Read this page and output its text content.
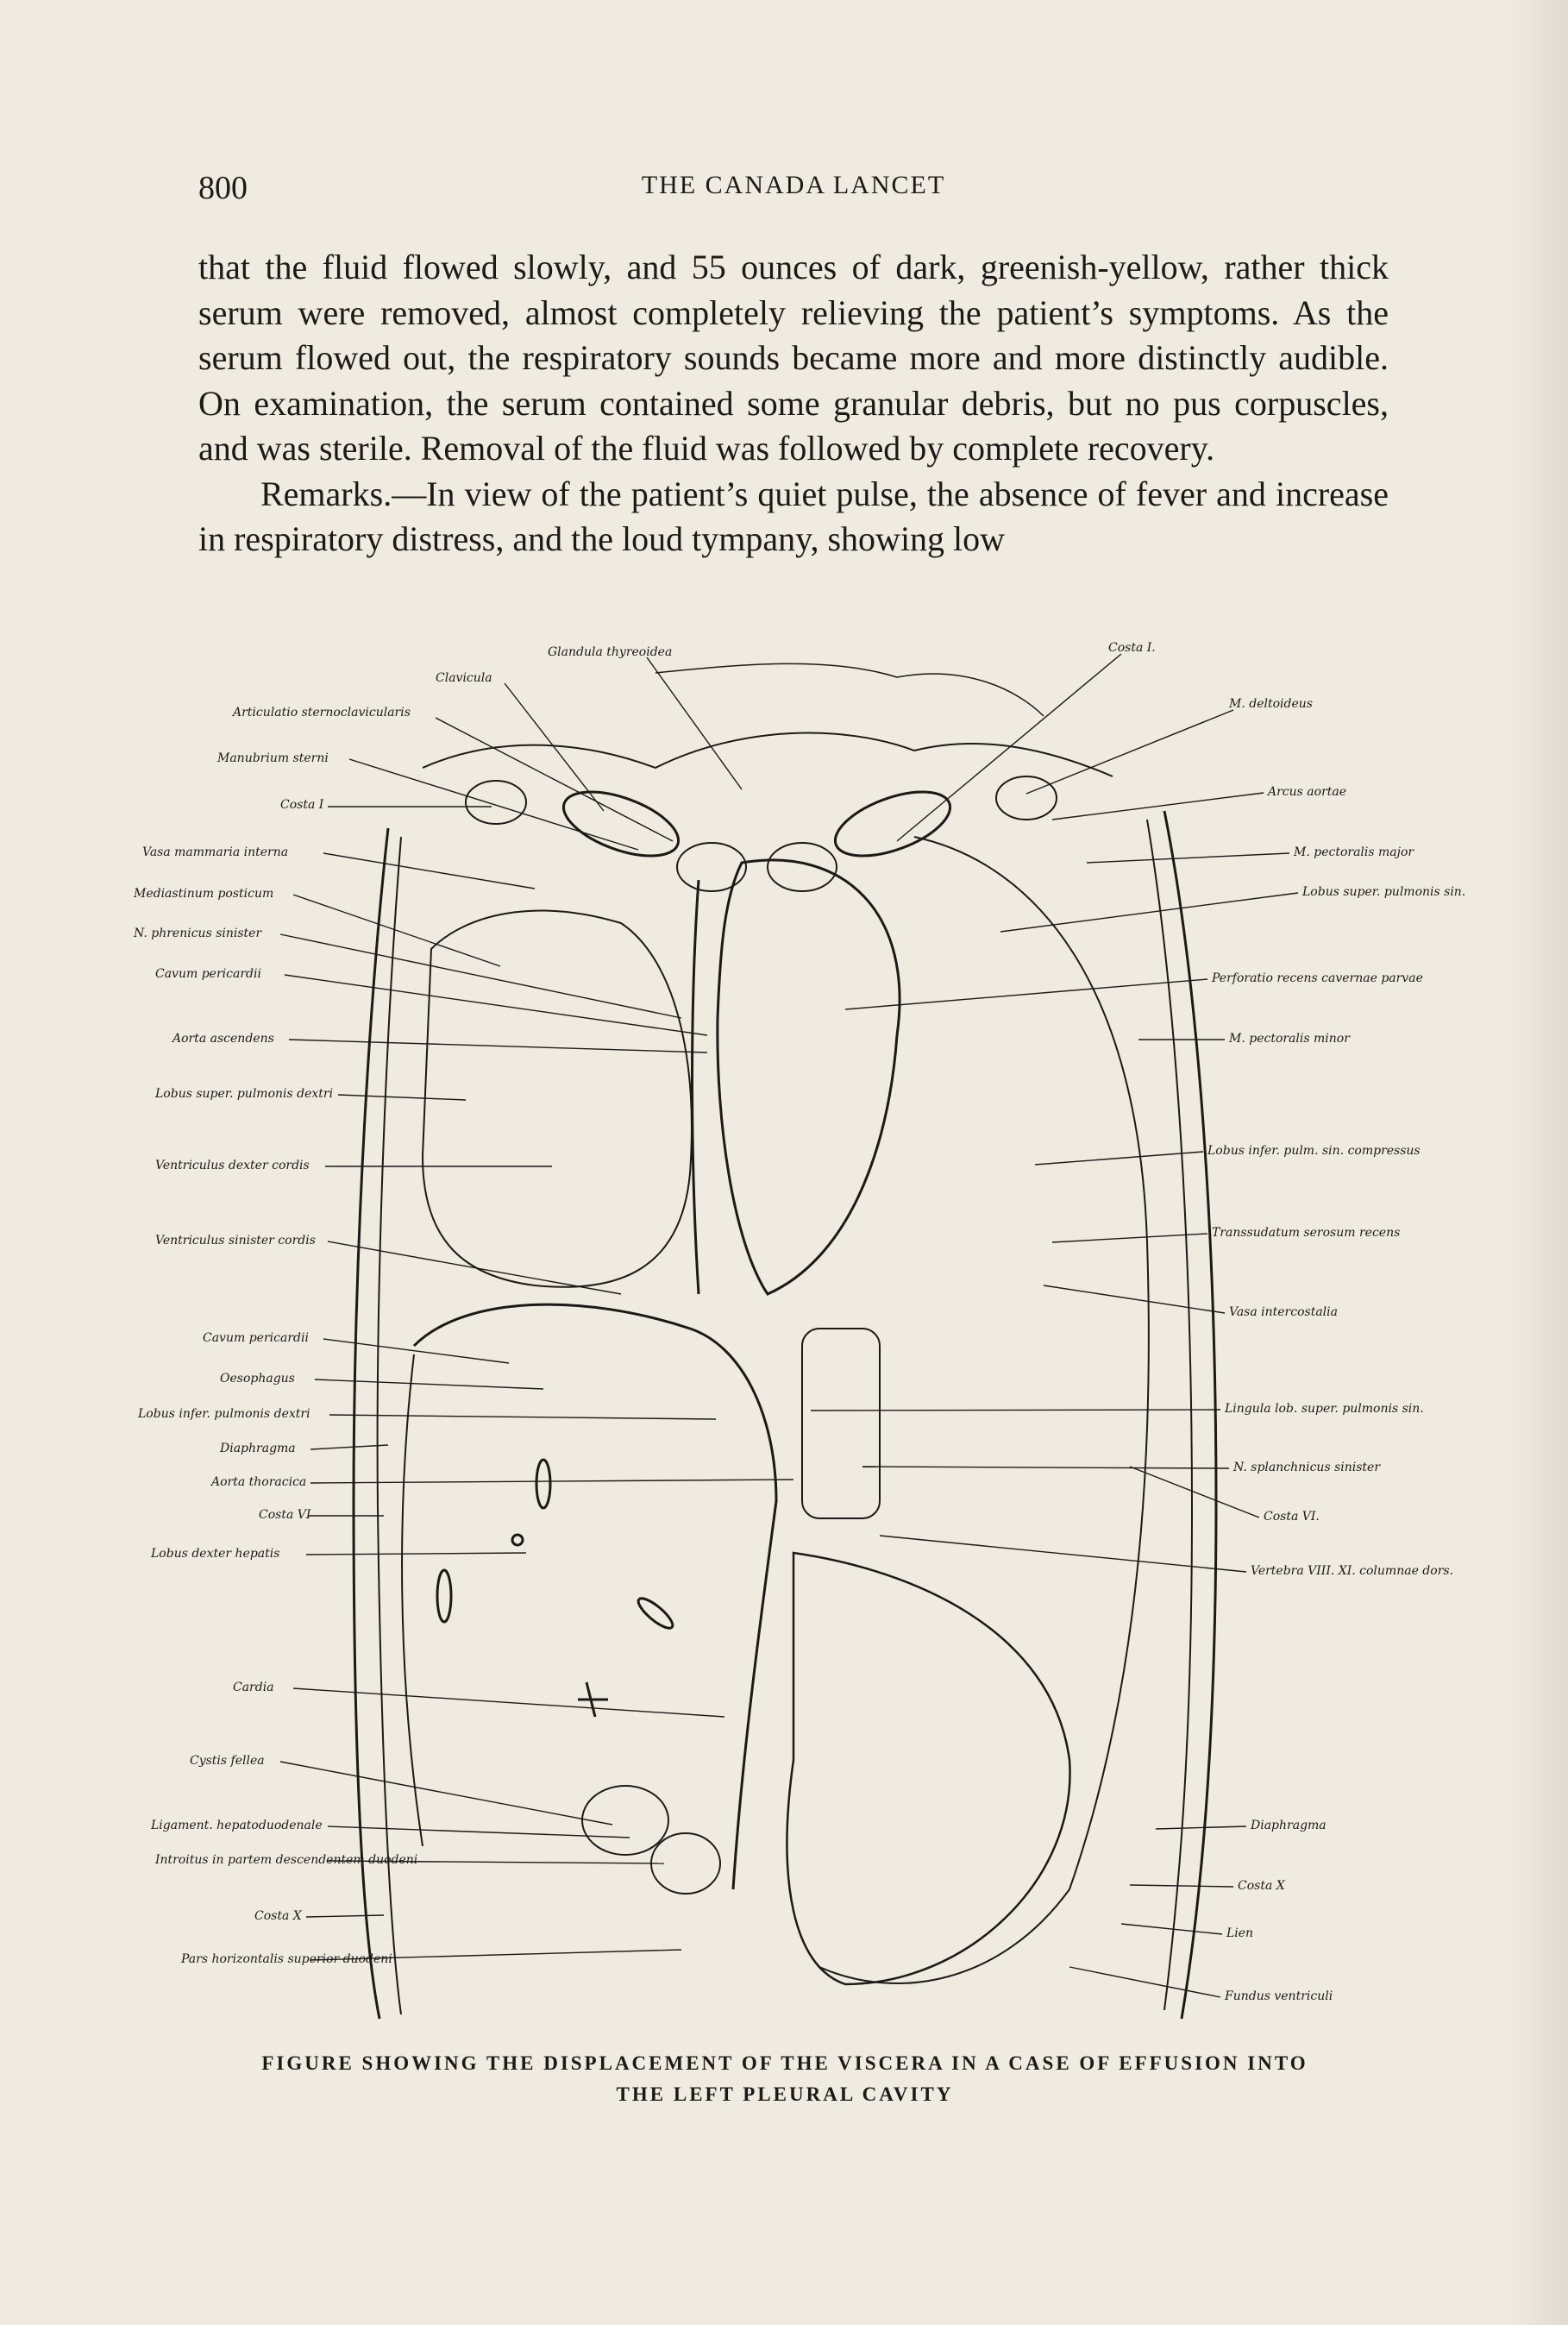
800	THE CANADA LANCET

that the fluid flowed slowly, and 55 ounces of dark, greenish-yellow, rather thick serum were removed, almost completely relieving the patient’s symptoms. As the serum flowed out, the respiratory sounds became more and more distinctly audible. On examination, the serum contained some granular debris, but no pus corpuscles, and was sterile. Removal of the fluid was followed by complete recovery.

Remarks.—In view of the patient’s quiet pulse, the absence of fever and increase in respiratory distress, and the loud tympany, showing low

Glandula thyreoidea
Clavicula
Costa I.
Articulatio sternoclavicularis
M. deltoideus
Manubrium sterni
Costa I
Vasa mammaria interna
Mediastinum posticum
N. phrenicus sinister
Cavum pericardii
Aorta ascendens
Lobus super. pulmonis dextri
Ventriculus dexter cordis
Ventriculus sinister cordis
Cavum pericardii
Oesophagus
Lobus infer. pulmonis dextri
Diaphragma
Aorta thoracica
Costa VI
Lobus dexter hepatis
Cardia
Cystis fellea
Ligament. hepatoduodenale
Introitus in partem descendentem duodeni
Costa X
Pars horizontalis superior duodeni
Arcus aortae
M. pectoralis major
Lobus super. pulmonis sin.
Perforatio recens cavernae parvae
M. pectoralis minor
Lobus infer. pulm. sin. compressus
Transsudatum serosum recens
Vasa intercostalia
Lingula lob. super. pulmonis sin.
N. splanchnicus sinister
Costa VI.
Vertebra VIII. XI. columnae dors.
Diaphragma
Costa X
Lien
Fundus ventriculi
FIGURE SHOWING THE DISPLACEMENT OF THE VISCERA IN A CASE OF EFFUSION INTO
THE LEFT PLEURAL CAVITY
